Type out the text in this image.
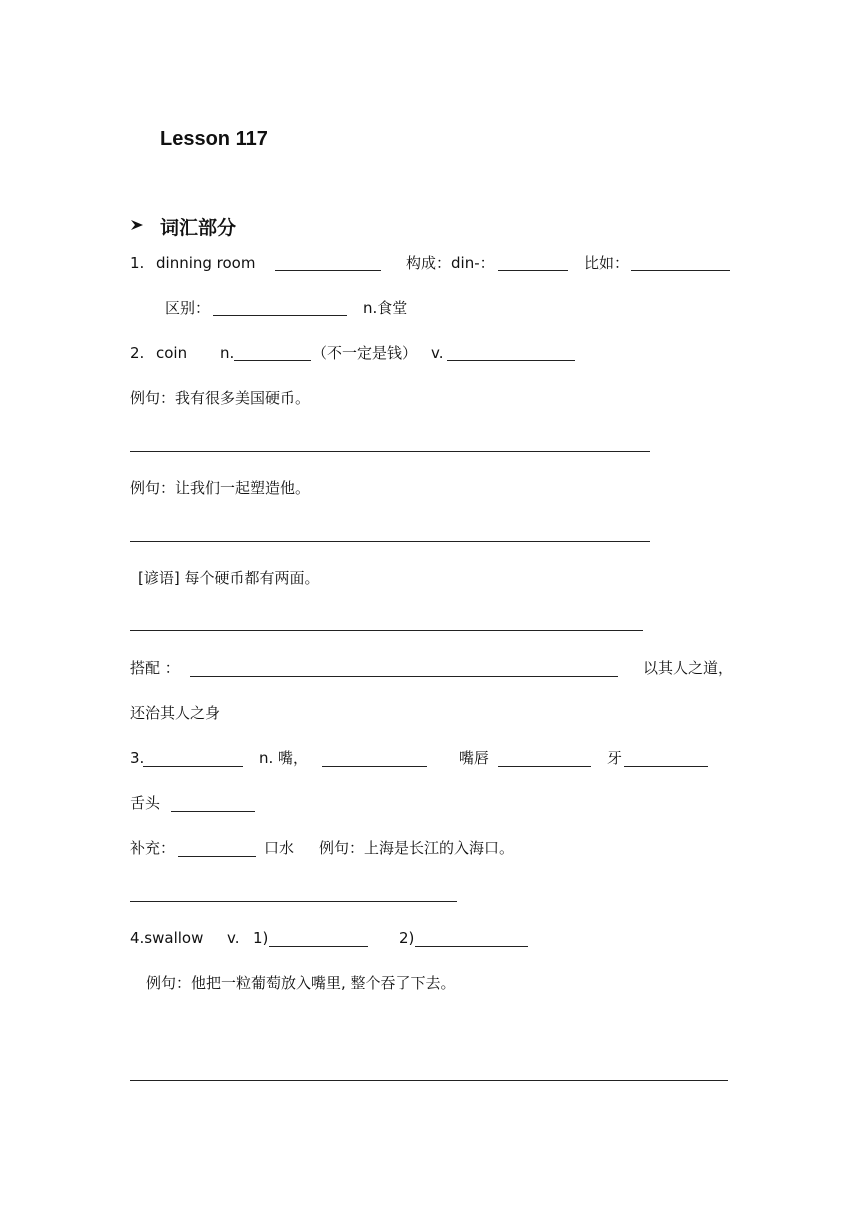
Lesson 117
词汇部分
1. dinning room	构成：din-：	比如：
区别：	n.食堂
2. coin n.	（不一定是钱） v.
例句：我有很多美国硬币。
例句：让我们一起塑造他。
[谚语] 每个硬币都有两面。
搭配 ：	以其人之道，
还治其人之身
3.	n. 嘴，	嘴唇	牙
舌头
补充：	口水 例句：上海是长江的入海口。
4.swallow v. 1)	2)
例句：他把一粒葡萄放入嘴里, 整个吞了下去。
